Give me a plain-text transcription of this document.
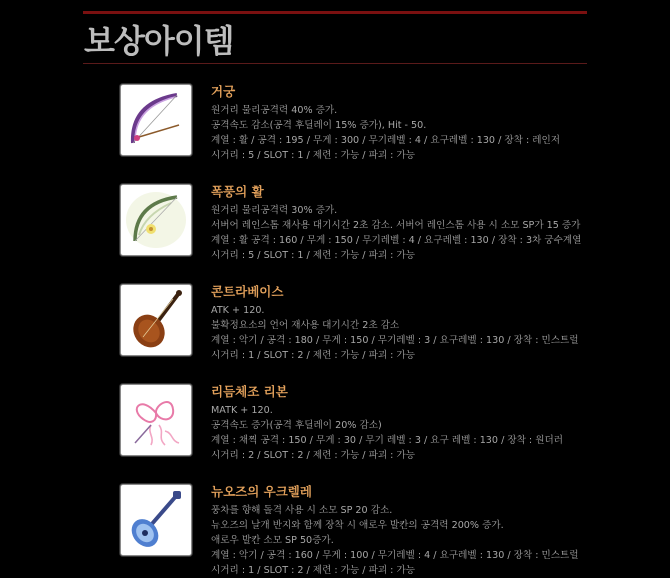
보상아이템
거궁
원거리 물리공격력 40% 증가.
공격속도 감소(공격 후딜레이 15% 증가), Hit - 50.
계열 : 활 / 공격 : 195 / 무게 : 300 / 무기레벨 : 4 / 요구레벨 : 130 / 장착 : 레인저
시거리 : 5 / SLOT : 1 / 제련 : 가능 / 파괴 : 가능
폭풍의 활
원거리 물리공격력 30% 증가.
서버어 레인스톰 재사용 대기시간 2초 감소. 서버어 레인스톰 사용 시 소모 SP가 15 증가
계열 : 활 공격 : 160 / 무게 : 150 / 무기레벨 : 4 / 요구레벨 : 130 / 장착 : 3차 궁수계열
시거리 : 5 / SLOT : 1 / 제련 : 가능 / 파괴 : 가능
콘트라베이스
ATK + 120.
불확정요소의 언어 재사용 대기시간 2초 감소
계열 : 악기 / 공격 : 180 / 무게 : 150 / 무기레벨 : 3 / 요구레벨 : 130 / 장착 : 민스트럴
시거리 : 1 / SLOT : 2 / 제련 : 가능 / 파괴 : 가능
리듬체조 리본
MATK + 120.
공격속도 증가(공격 후딜레이 20% 감소)
계열 : 채찍 공격 : 150 / 무게 : 30 / 무기 레벨 : 3 / 요구 레벨 : 130 / 장착 : 원더러
시거리 : 2 / SLOT : 2 / 제련 : 가능 / 파괴 : 가능
뉴오즈의 우크렐레
풍차를 향해 돌격 사용 시 소모 SP 20 감소.
뉴오즈의 날개 반지와 함께 장착 시 애로우 발칸의 공격력 200% 증가.
애로우 발칸 소모 SP 50증가.
계열 : 악기 / 공격 : 160 / 무게 : 100 / 무기레벨 : 4 / 요구레벨 : 130 / 장착 : 민스트럴
시거리 : 1 / SLOT : 2 / 제련 : 가능 / 파괴 : 가능
